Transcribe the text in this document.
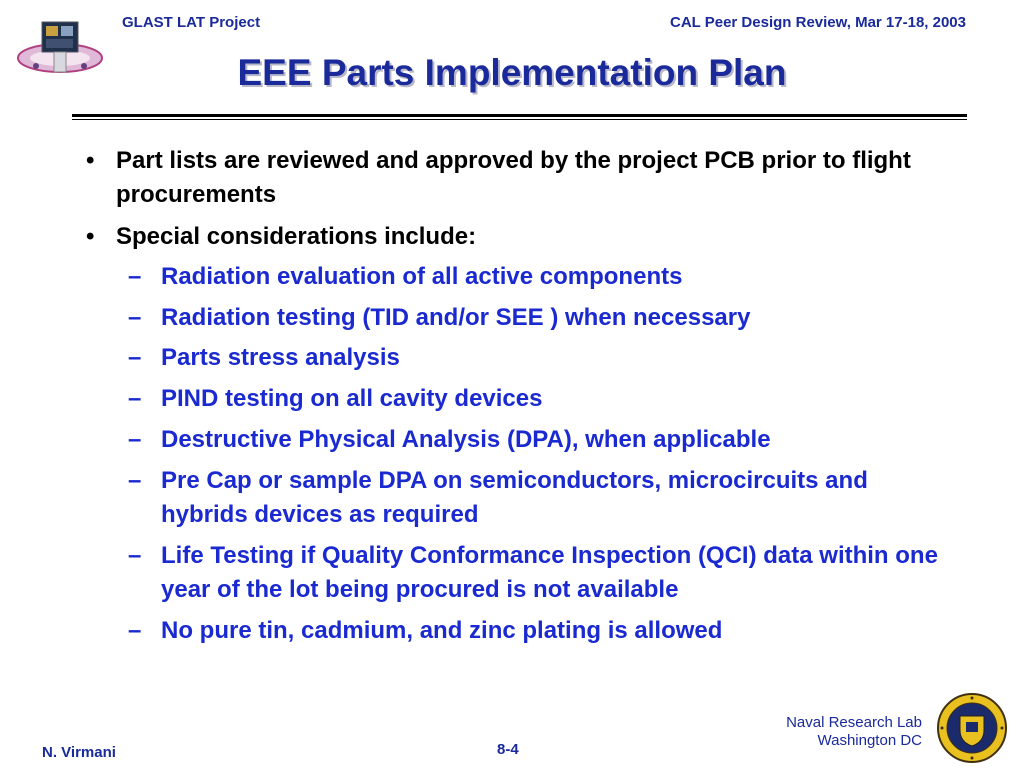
GLAST LAT Project	CAL Peer Design Review, Mar 17-18, 2003
EEE Parts Implementation Plan
• Part lists are reviewed and approved by the project PCB prior to flight procurements
• Special considerations include:
– Radiation evaluation of all active components
– Radiation testing (TID and/or SEE ) when necessary
– Parts stress analysis
– PIND testing on all cavity devices
– Destructive Physical Analysis (DPA), when applicable
– Pre Cap or sample DPA on semiconductors, microcircuits and hybrids devices as required
– Life Testing if Quality Conformance Inspection (QCI) data within one year of the lot being procured is not available
– No pure tin, cadmium, and zinc plating is allowed
N. Virmani	8-4
Naval Research Lab
Washington DC
